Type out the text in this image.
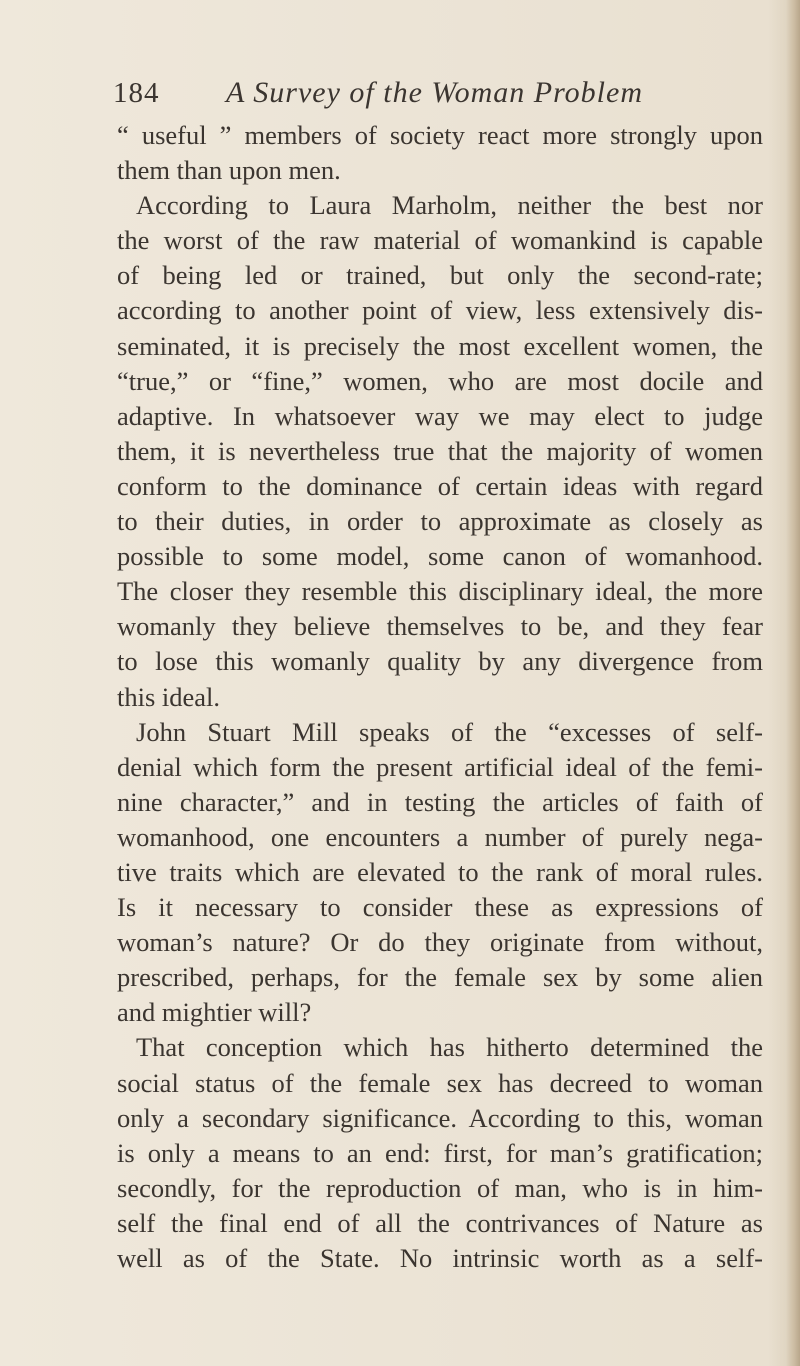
184 A Survey of the Woman Problem
“ useful ” members of society react more strongly upon
them than upon men.
According to Laura Marholm, neither the best nor
the worst of the raw material of womankind is capable
of being led or trained, but only the second-rate;
according to another point of view, less extensively dis-
seminated, it is precisely the most excellent women, the
“true,” or “fine,” women, who are most docile and
adaptive. In whatsoever way we may elect to judge
them, it is nevertheless true that the majority of women
conform to the dominance of certain ideas with regard
to their duties, in order to approximate as closely as
possible to some model, some canon of womanhood.
The closer they resemble this disciplinary ideal, the more
womanly they believe themselves to be, and they fear
to lose this womanly quality by any divergence from
this ideal.
John Stuart Mill speaks of the “excesses of self-
denial which form the present artificial ideal of the femi-
nine character,” and in testing the articles of faith of
womanhood, one encounters a number of purely nega-
tive traits which are elevated to the rank of moral rules.
Is it necessary to consider these as expressions of
woman’s nature? Or do they originate from without,
prescribed, perhaps, for the female sex by some alien
and mightier will?
That conception which has hitherto determined the
social status of the female sex has decreed to woman
only a secondary significance. According to this, woman
is only a means to an end: first, for man’s gratification;
secondly, for the reproduction of man, who is in him-
self the final end of all the contrivances of Nature as
well as of the State. No intrinsic worth as a self-
